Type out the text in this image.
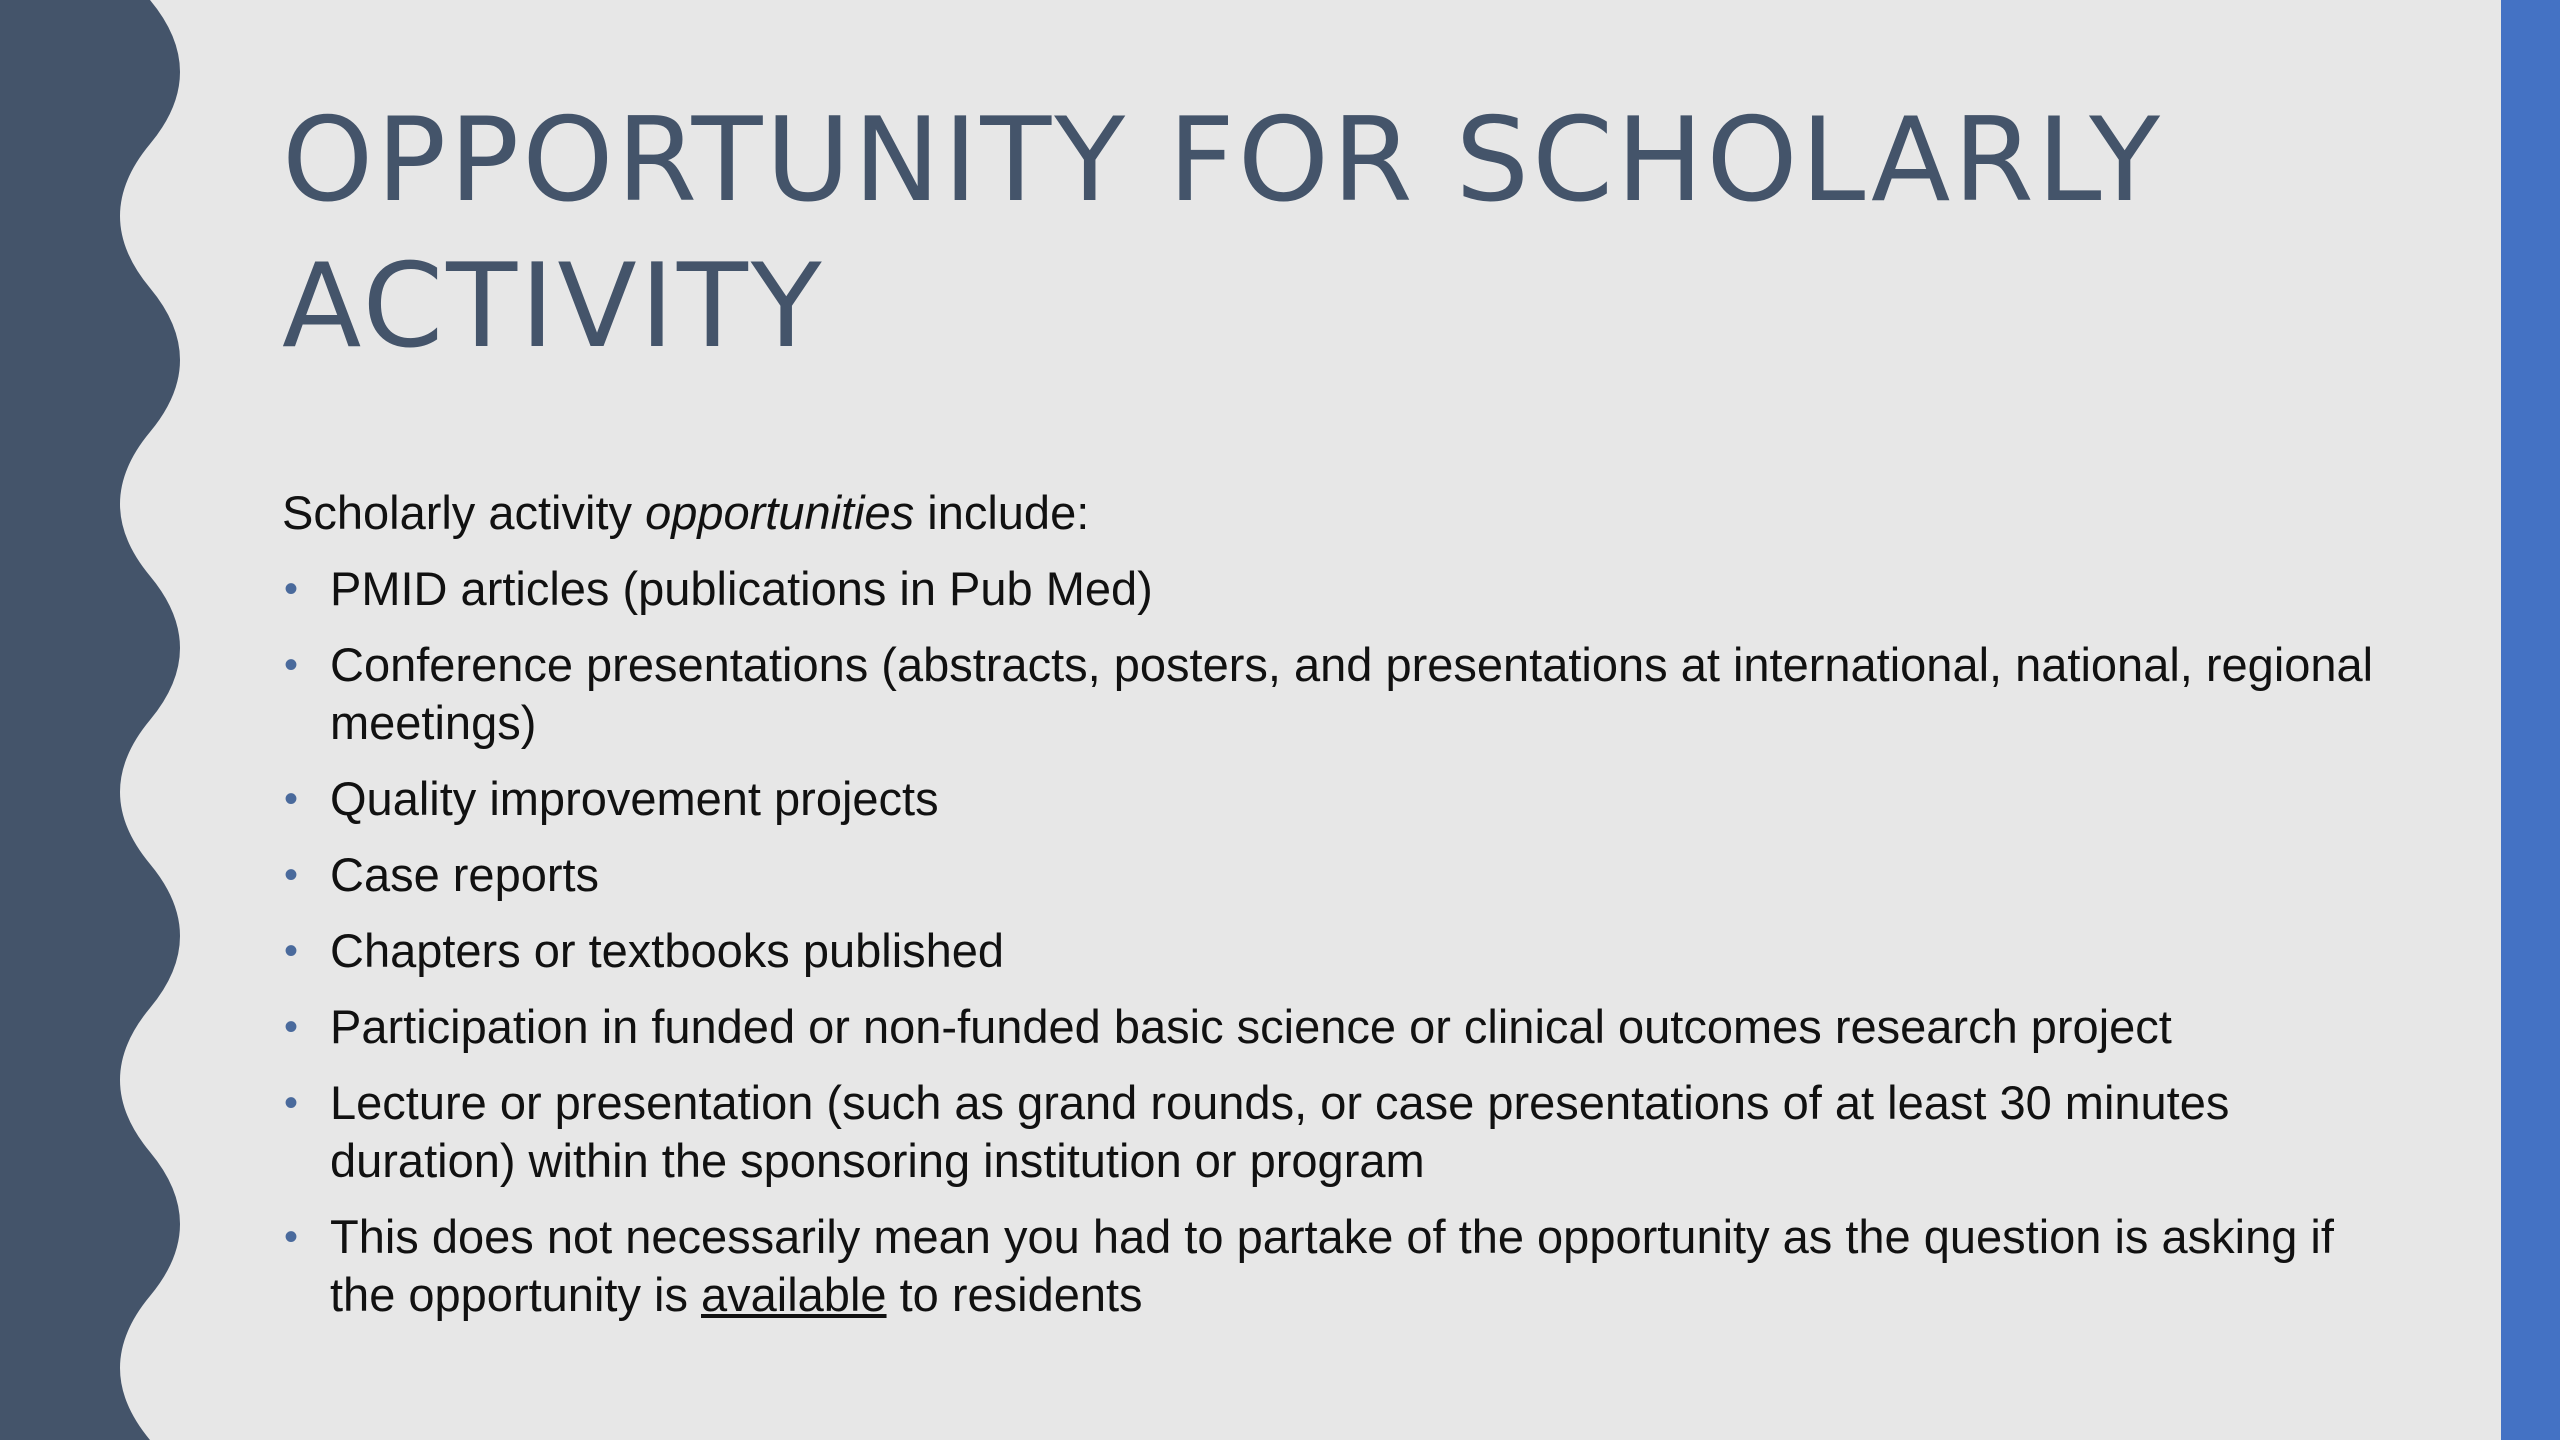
OPPORTUNITY FOR SCHOLARLY ACTIVITY

Scholarly activity opportunities include:

• PMID articles (publications in Pub Med)
• Conference presentations (abstracts, posters, and presentations at international, national, regional meetings)
• Quality improvement projects
• Case reports
• Chapters or textbooks published
• Participation in funded or non-funded basic science or clinical outcomes research project
• Lecture or presentation (such as grand rounds, or case presentations of at least 30 minutes duration) within the sponsoring institution or program
• This does not necessarily mean you had to partake of the opportunity as the question is asking if the opportunity is available to residents
